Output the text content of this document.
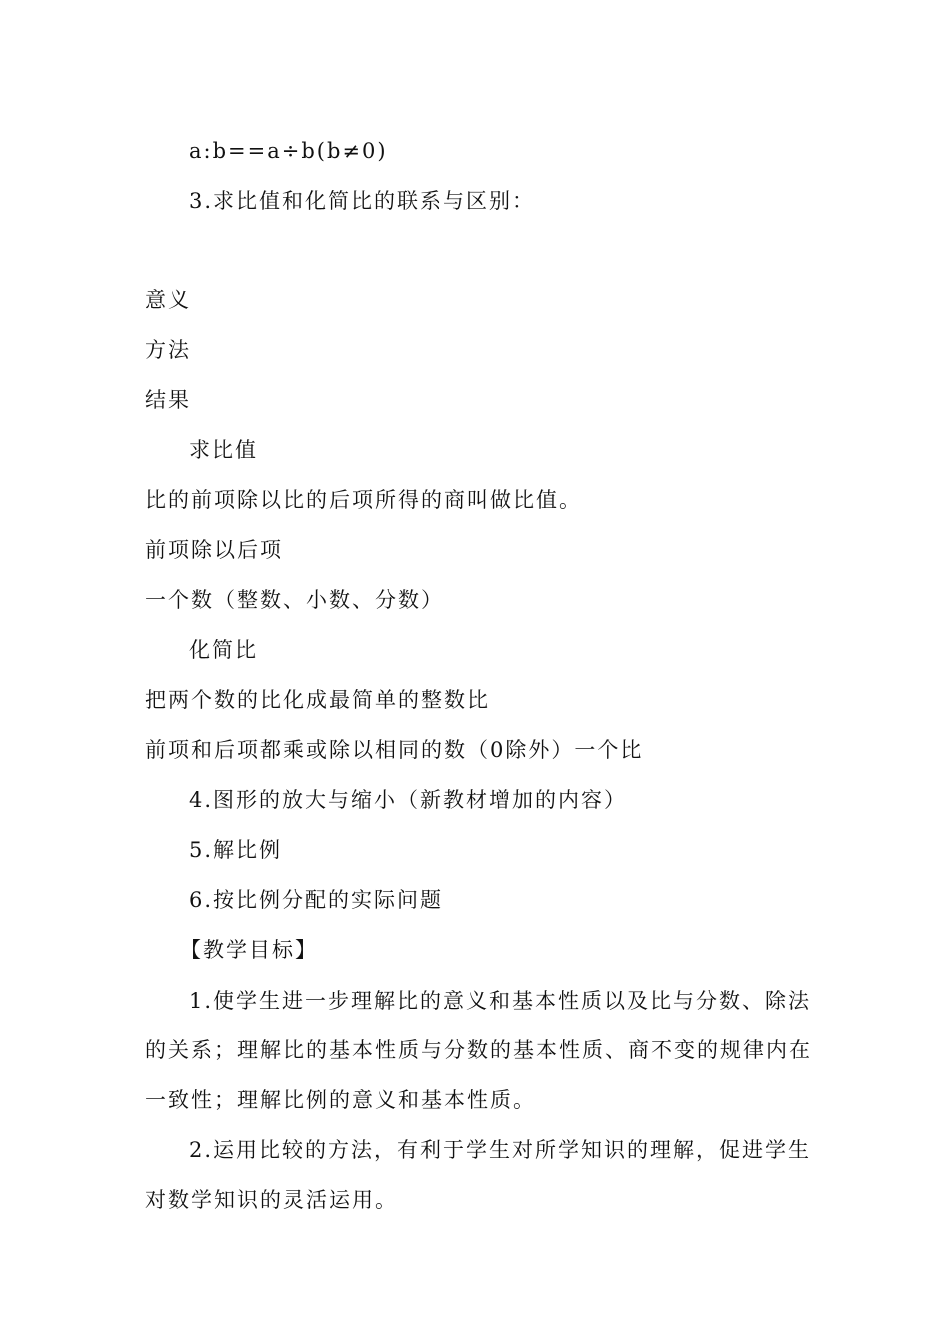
a:b==a÷b(b≠0)
3.求比值和化简比的联系与区别：
意义
方法
结果
求比值
比的前项除以比的后项所得的商叫做比值。
前项除以后项
一个数（整数、小数、分数）
化简比
把两个数的比化成最简单的整数比
前项和后项都乘或除以相同的数（0除外）一个比
4.图形的放大与缩小（新教材增加的内容）
5.解比例
6.按比例分配的实际问题
【教学目标】
1.使学生进一步理解比的意义和基本性质以及比与分数、除法
的关系；理解比的基本性质与分数的基本性质、商不变的规律内在
一致性；理解比例的意义和基本性质。
2.运用比较的方法，有利于学生对所学知识的理解，促进学生
对数学知识的灵活运用。
